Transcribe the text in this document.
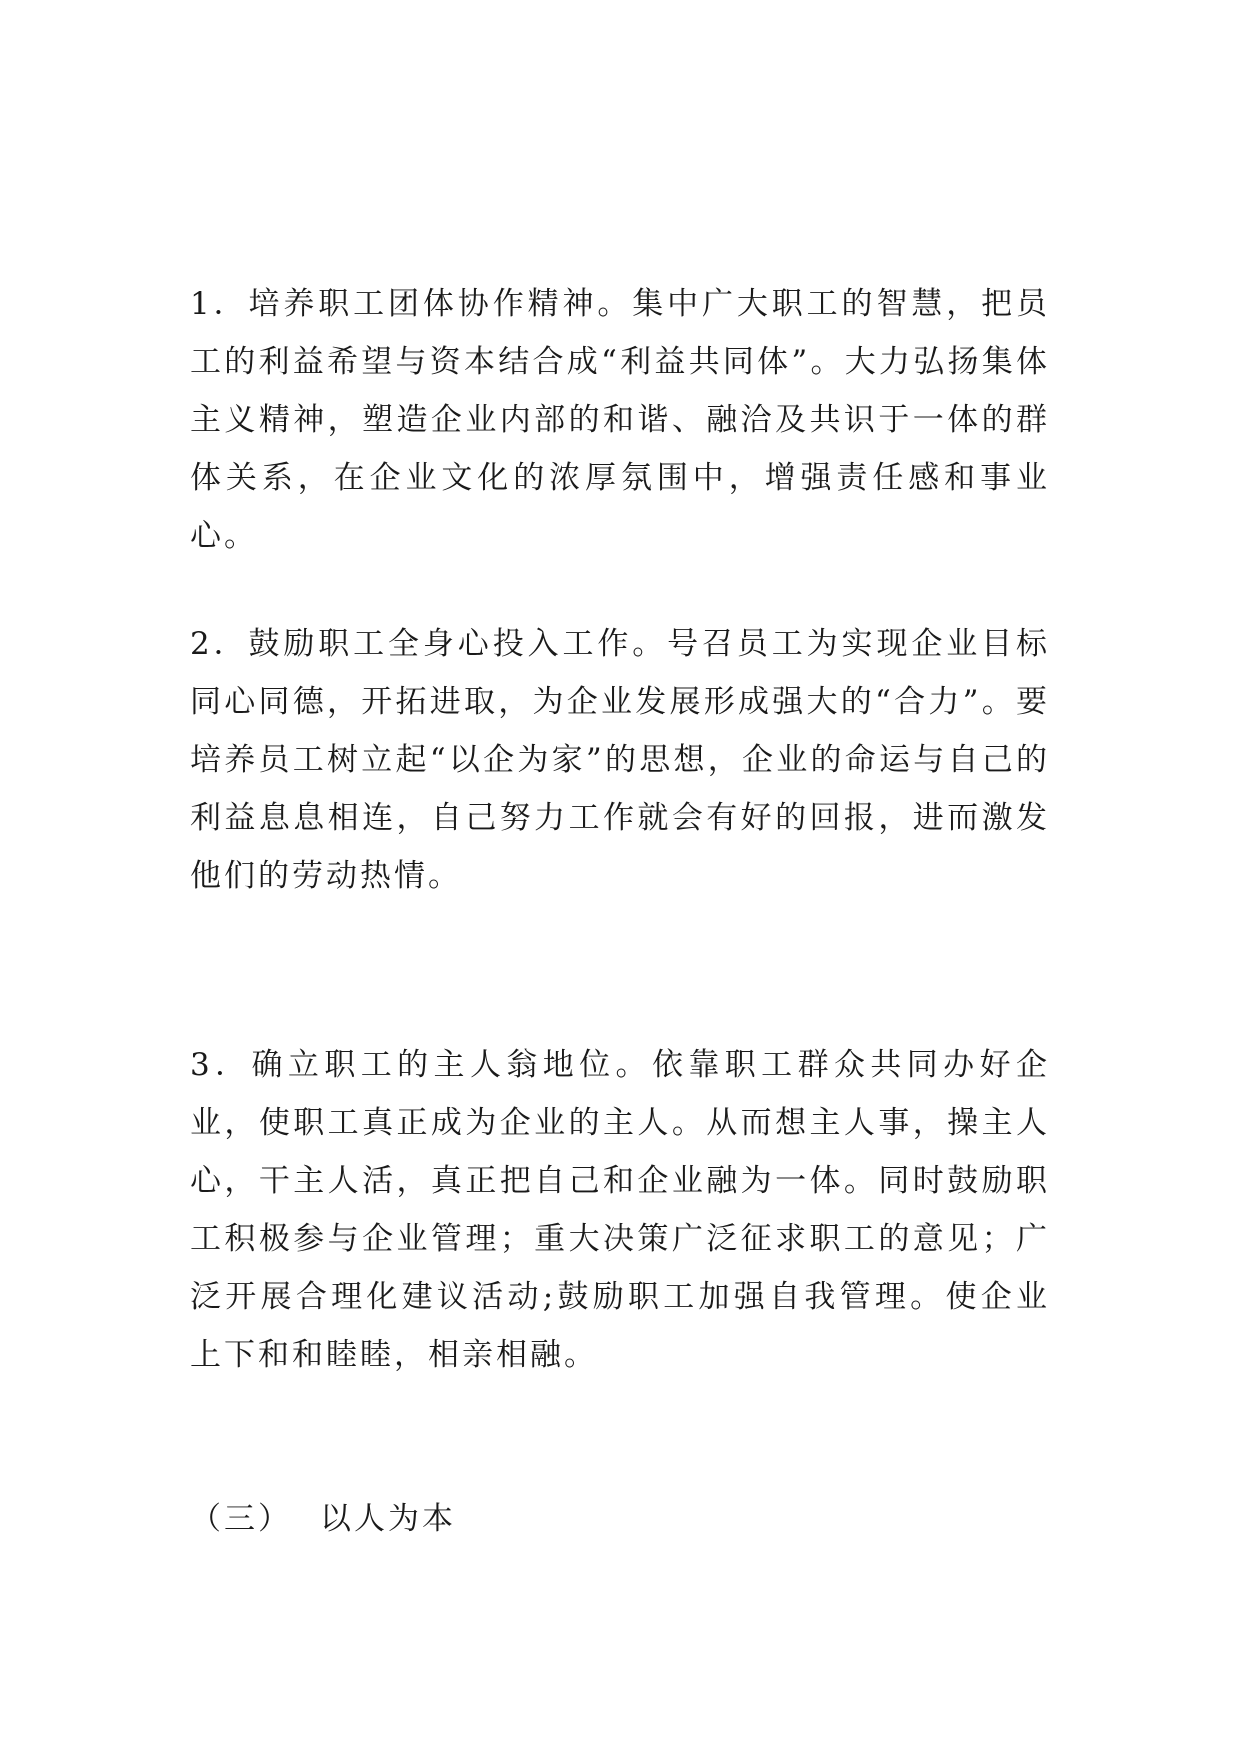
1．培养职工团体协作精神。集中广大职工的智慧，把员工的利益希望与资本结合成“利益共同体”。大力弘扬集体主义精神，塑造企业内部的和谐、融洽及共识于一体的群体关系，在企业文化的浓厚氛围中，增强责任感和事业心。

2．鼓励职工全身心投入工作。号召员工为实现企业目标同心同德，开拓进取，为企业发展形成强大的“合力”。要培养员工树立起“以企为家”的思想，企业的命运与自己的利益息息相连，自己努力工作就会有好的回报，进而激发他们的劳动热情。

3．确立职工的主人翁地位。依靠职工群众共同办好企业，使职工真正成为企业的主人。从而想主人事，操主人心，干主人活，真正把自己和企业融为一体。同时鼓励职工积极参与企业管理；重大决策广泛征求职工的意见；广泛开展合理化建议活动;鼓励职工加强自我管理。使企业上下和和睦睦，相亲相融。

（三） 以人为本
